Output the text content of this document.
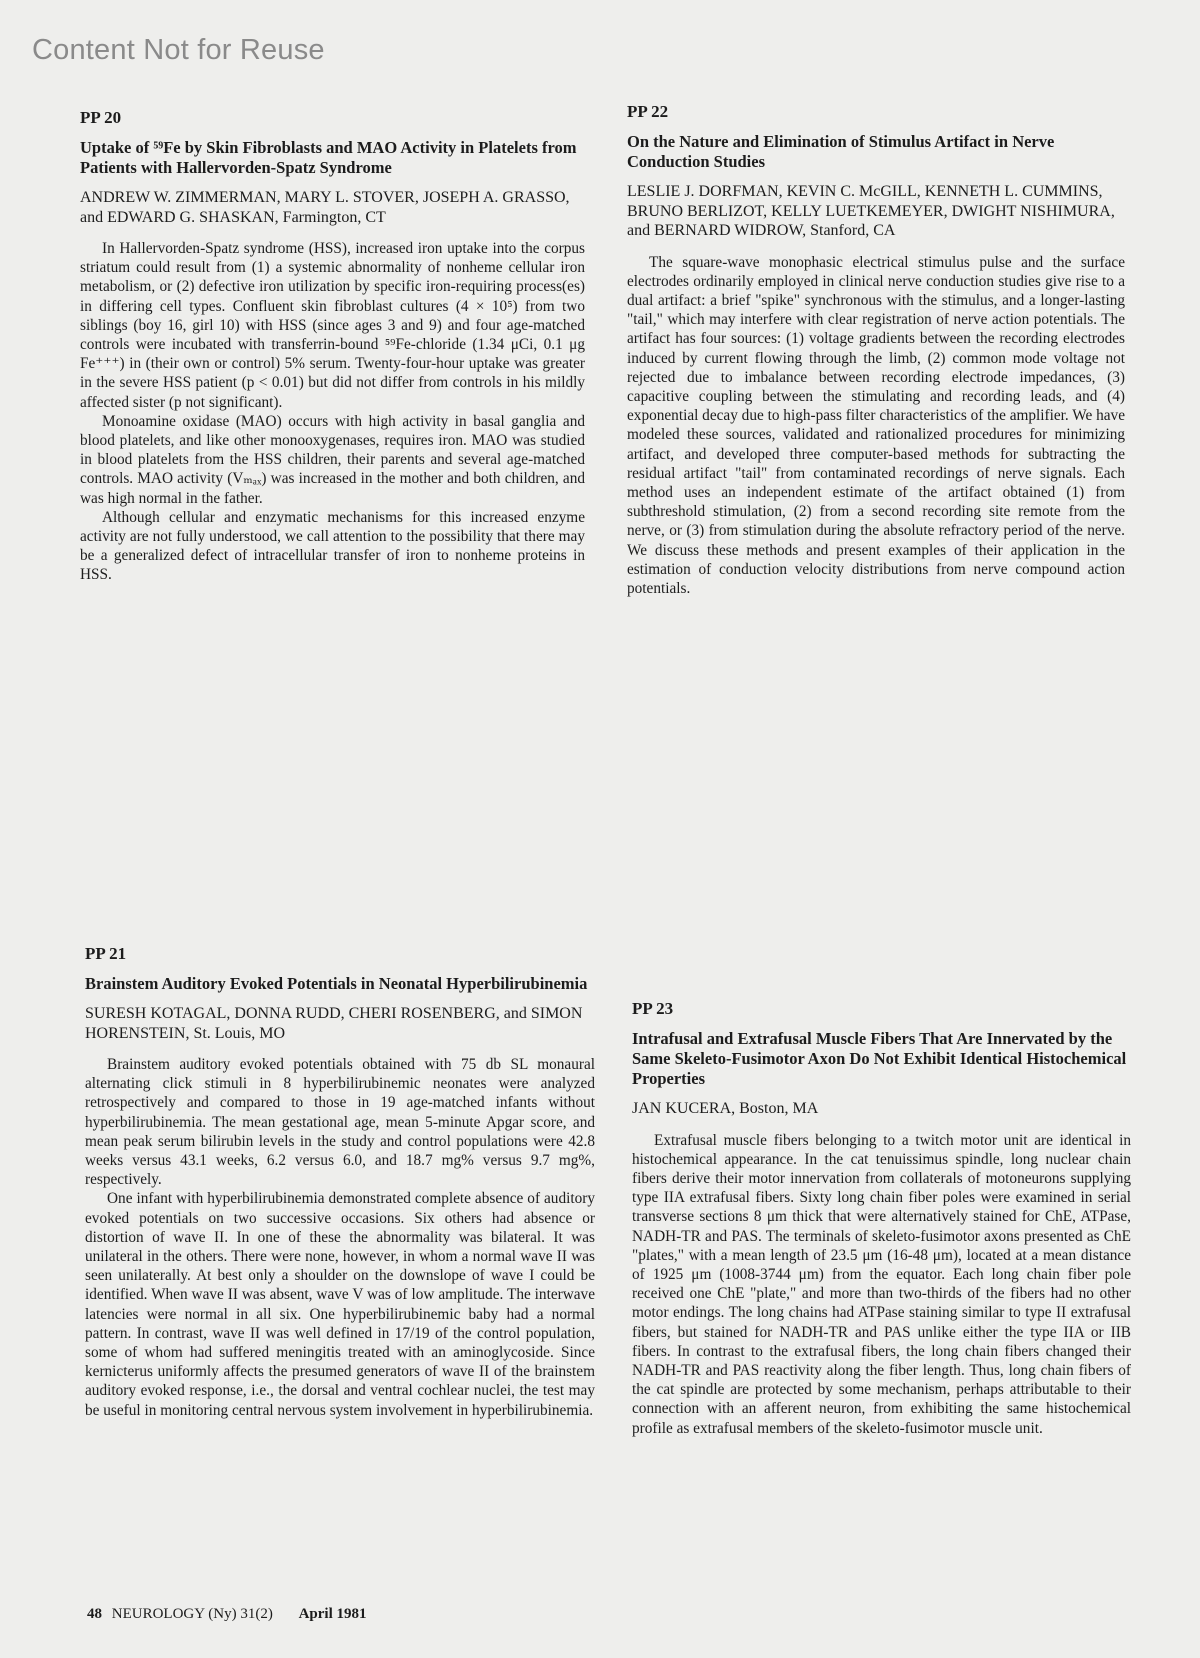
Content Not for Reuse
PP 20
Uptake of ⁵⁹Fe by Skin Fibroblasts and MAO Activity in Platelets from Patients with Hallervorden-Spatz Syndrome
ANDREW W. ZIMMERMAN, MARY L. STOVER, JOSEPH A. GRASSO, and EDWARD G. SHASKAN, Farmington, CT

In Hallervorden-Spatz syndrome (HSS), increased iron uptake into the corpus striatum could result from (1) a systemic abnormality of nonheme cellular iron metabolism, or (2) defective iron utilization by specific iron-requiring process(es) in differing cell types. Confluent skin fibroblast cultures (4 × 10⁵) from two siblings (boy 16, girl 10) with HSS (since ages 3 and 9) and four age-matched controls were incubated with transferrin-bound ⁵⁹Fe-chloride (1.34 μCi, 0.1 μg Fe⁺⁺⁺) in (their own or control) 5% serum. Twenty-four-hour uptake was greater in the severe HSS patient (p < 0.01) but did not differ from controls in his mildly affected sister (p not significant).

Monoamine oxidase (MAO) occurs with high activity in basal ganglia and blood platelets, and like other monooxygenases, requires iron. MAO was studied in blood platelets from the HSS children, their parents and several age-matched controls. MAO activity (Vₘₐₓ) was increased in the mother and both children, and was high normal in the father.

Although cellular and enzymatic mechanisms for this increased enzyme activity are not fully understood, we call attention to the possibility that there may be a generalized defect of intracellular transfer of iron to nonheme proteins in HSS.

PP 22
On the Nature and Elimination of Stimulus Artifact in Nerve Conduction Studies
LESLIE J. DORFMAN, KEVIN C. McGILL, KENNETH L. CUMMINS, BRUNO BERLIZOT, KELLY LUETKEMEYER, DWIGHT NISHIMURA, and BERNARD WIDROW, Stanford, CA

The square-wave monophasic electrical stimulus pulse and the surface electrodes ordinarily employed in clinical nerve conduction studies give rise to a dual artifact: a brief "spike" synchronous with the stimulus, and a longer-lasting "tail," which may interfere with clear registration of nerve action potentials. The artifact has four sources: (1) voltage gradients between the recording electrodes induced by current flowing through the limb, (2) common mode voltage not rejected due to imbalance between recording electrode impedances, (3) capacitive coupling between the stimulating and recording leads, and (4) exponential decay due to high-pass filter characteristics of the amplifier. We have modeled these sources, validated and rationalized procedures for minimizing artifact, and developed three computer-based methods for subtracting the residual artifact "tail" from contaminated recordings of nerve signals. Each method uses an independent estimate of the artifact obtained (1) from subthreshold stimulation, (2) from a second recording site remote from the nerve, or (3) from stimulation during the absolute refractory period of the nerve. We discuss these methods and present examples of their application in the estimation of conduction velocity distributions from nerve compound action potentials.

PP 21
Brainstem Auditory Evoked Potentials in Neonatal Hyperbilirubinemia
SURESH KOTAGAL, DONNA RUDD, CHERI ROSENBERG, and SIMON HORENSTEIN, St. Louis, MO

Brainstem auditory evoked potentials obtained with 75 db SL monaural alternating click stimuli in 8 hyperbilirubinemic neonates were analyzed retrospectively and compared to those in 19 age-matched infants without hyperbilirubinemia. The mean gestational age, mean 5-minute Apgar score, and mean peak serum bilirubin levels in the study and control populations were 42.8 weeks versus 43.1 weeks, 6.2 versus 6.0, and 18.7 mg% versus 9.7 mg%, respectively.

One infant with hyperbilirubinemia demonstrated complete absence of auditory evoked potentials on two successive occasions. Six others had absence or distortion of wave II. In one of these the abnormality was bilateral. It was unilateral in the others. There were none, however, in whom a normal wave II was seen unilaterally. At best only a shoulder on the downslope of wave I could be identified. When wave II was absent, wave V was of low amplitude. The interwave latencies were normal in all six. One hyperbilirubinemic baby had a normal pattern. In contrast, wave II was well defined in 17/19 of the control population, some of whom had suffered meningitis treated with an aminoglycoside. Since kernicterus uniformly affects the presumed generators of wave II of the brainstem auditory evoked response, i.e., the dorsal and ventral cochlear nuclei, the test may be useful in monitoring central nervous system involvement in hyperbilirubinemia.

PP 23
Intrafusal and Extrafusal Muscle Fibers That Are Innervated by the Same Skeleto-Fusimotor Axon Do Not Exhibit Identical Histochemical Properties
JAN KUCERA, Boston, MA

Extrafusal muscle fibers belonging to a twitch motor unit are identical in histochemical appearance. In the cat tenuissimus spindle, long nuclear chain fibers derive their motor innervation from collaterals of motoneurons supplying type IIA extrafusal fibers. Sixty long chain fiber poles were examined in serial transverse sections 8 μm thick that were alternatively stained for ChE, ATPase, NADH-TR and PAS. The terminals of skeleto-fusimotor axons presented as ChE "plates," with a mean length of 23.5 μm (16-48 μm), located at a mean distance of 1925 μm (1008-3744 μm) from the equator. Each long chain fiber pole received one ChE "plate," and more than two-thirds of the fibers had no other motor endings. The long chains had ATPase staining similar to type II extrafusal fibers, but stained for NADH-TR and PAS unlike either the type IIA or IIB fibers. In contrast to the extrafusal fibers, the long chain fibers changed their NADH-TR and PAS reactivity along the fiber length. Thus, long chain fibers of the cat spindle are protected by some mechanism, perhaps attributable to their connection with an afferent neuron, from exhibiting the same histochemical profile as extrafusal members of the skeleto-fusimotor muscle unit.

48 NEUROLOGY (Ny) 31(2) April 1981
